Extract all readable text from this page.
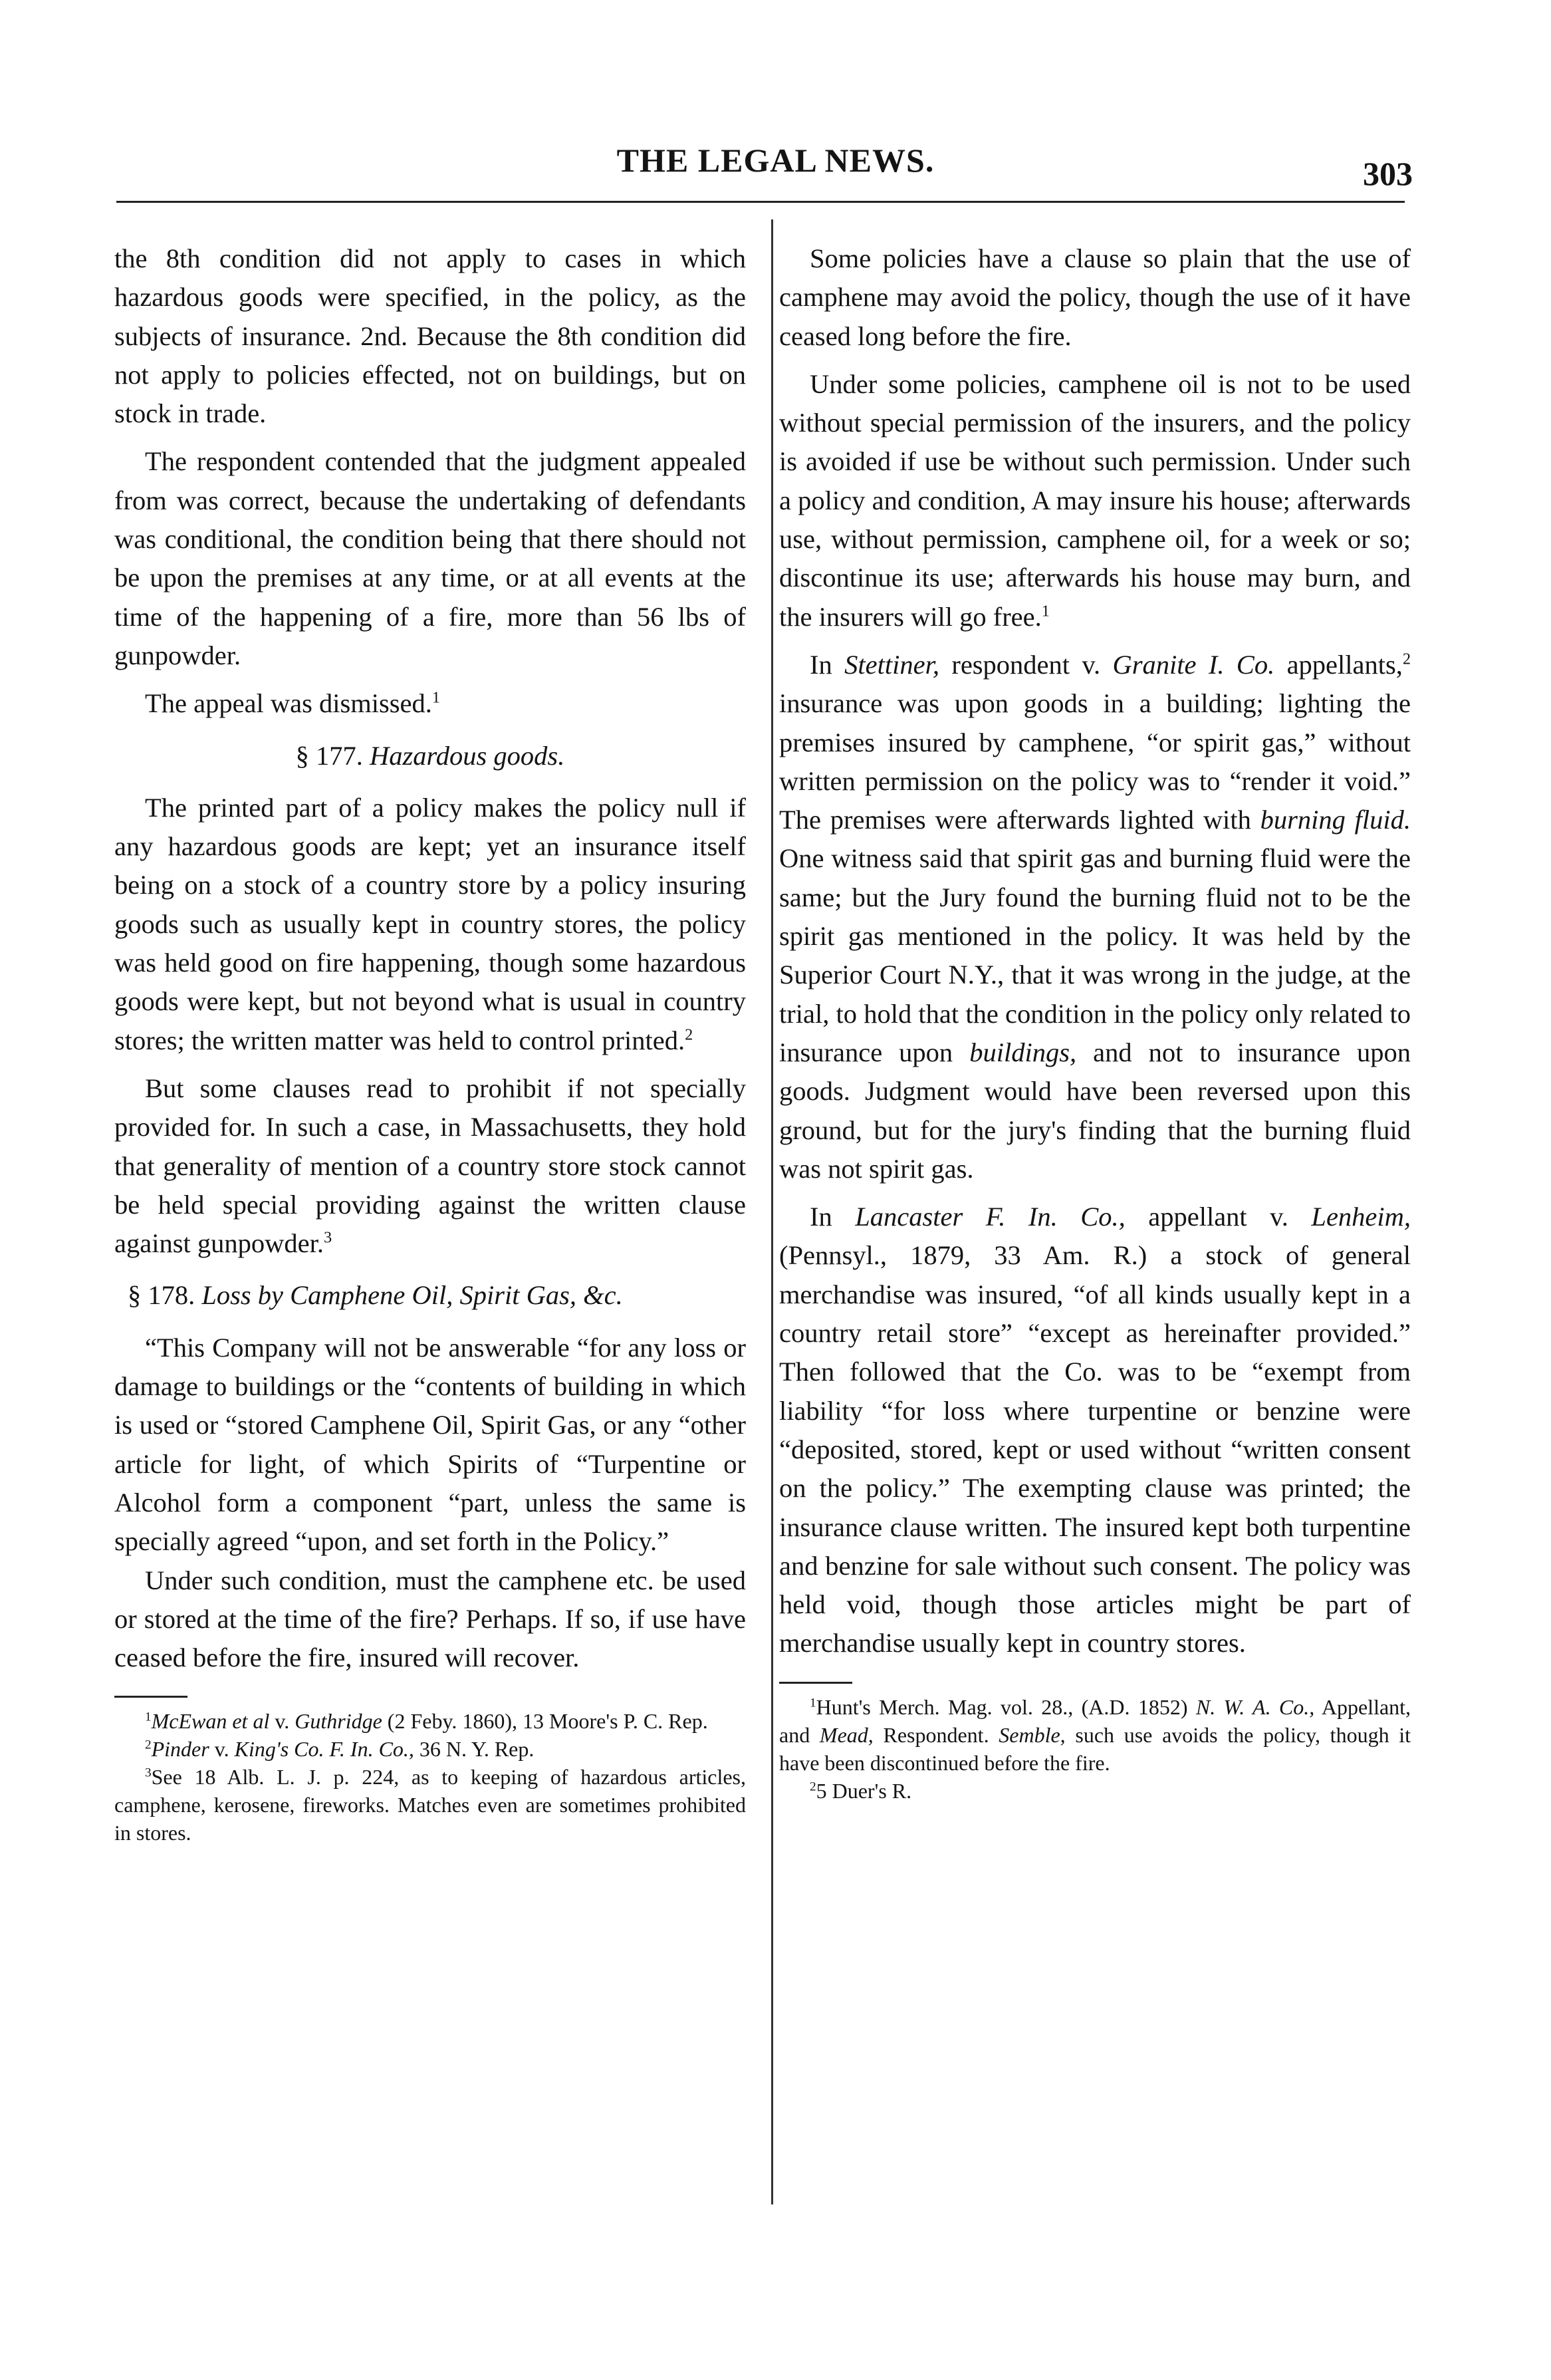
THE LEGAL NEWS.	303

the 8th condition did not apply to cases in which hazardous goods were specified, in the policy, as the subjects of insurance. 2nd. Because the 8th condition did not apply to policies effected, not on buildings, but on stock in trade.

The respondent contended that the judgment appealed from was correct, because the undertaking of defendants was conditional, the condition being that there should not be upon the premises at any time, or at all events at the time of the happening of a fire, more than 56 lbs of gunpowder.

The appeal was dismissed.$^1$

§ 177. Hazardous goods.

The printed part of a policy makes the policy null if any hazardous goods are kept; yet an insurance itself being on a stock of a country store by a policy insuring goods such as usually kept in country stores, the policy was held good on fire happening, though some hazardous goods were kept, but not beyond what is usual in country stores; the written matter was held to control printed.$^2$

But some clauses read to prohibit if not specially provided for. In such a case, in Massachusetts, they hold that generality of mention of a country store stock cannot be held special providing against the written clause against gunpowder.$^3$

§ 178. Loss by Camphene Oil, Spirit Gas, &c.

“This Company will not be answerable “for any loss or damage to buildings or the “contents of building in which is used or “stored Camphene Oil, Spirit Gas, or any “other article for light, of which Spirits of “Turpentine or Alcohol form a component “part, unless the same is specially agreed “upon, and set forth in the Policy.”

Under such condition, must the camphene etc. be used or stored at the time of the fire? Perhaps. If so, if use have ceased before the fire, insured will recover.

$^1$McEwan et al v. Guthridge (2 Feby. 1860), 13 Moore's P. C. Rep.

$^2$Pinder v. King's Co. F. In. Co., 36 N. Y. Rep.

$^3$See 18 Alb. L. J. p. 224, as to keeping of hazardous articles, camphene, kerosene, fireworks. Matches even are sometimes prohibited in stores.

Some policies have a clause so plain that the use of camphene may avoid the policy, though the use of it have ceased long before the fire.

Under some policies, camphene oil is not to be used without special permission of the insurers, and the policy is avoided if use be without such permission. Under such a policy and condition, A may insure his house; afterwards use, without permission, camphene oil, for a week or so; discontinue its use; afterwards his house may burn, and the insurers will go free.$^1$

In Stettiner, respondent v. Granite I. Co. appellants,$^2$ insurance was upon goods in a building; lighting the premises insured by camphene, “or spirit gas,” without written permission on the policy was to “render it void.” The premises were afterwards lighted with burning fluid. One witness said that spirit gas and burning fluid were the same; but the Jury found the burning fluid not to be the spirit gas mentioned in the policy. It was held by the Superior Court N.Y., that it was wrong in the judge, at the trial, to hold that the condition in the policy only related to insurance upon buildings, and not to insurance upon goods. Judgment would have been reversed upon this ground, but for the jury's finding that the burning fluid was not spirit gas.

In Lancaster F. In. Co., appellant v. Lenheim, (Pennsyl., 1879, 33 Am. R.) a stock of general merchandise was insured, “of all kinds usually kept in a country retail store” “except as hereinafter provided.” Then followed that the Co. was to be “exempt from liability “for loss where turpentine or benzine were “deposited, stored, kept or used without “written consent on the policy.” The exempting clause was printed; the insurance clause written. The insured kept both turpentine and benzine for sale without such consent. The policy was held void, though those articles might be part of merchandise usually kept in country stores.

$^1$Hunt's Merch. Mag. vol. 28., (A.D. 1852) N. W. A. Co., Appellant, and Mead, Respondent. Semble, such use avoids the policy, though it have been discontinued before the fire.

$^2$5 Duer's R.
